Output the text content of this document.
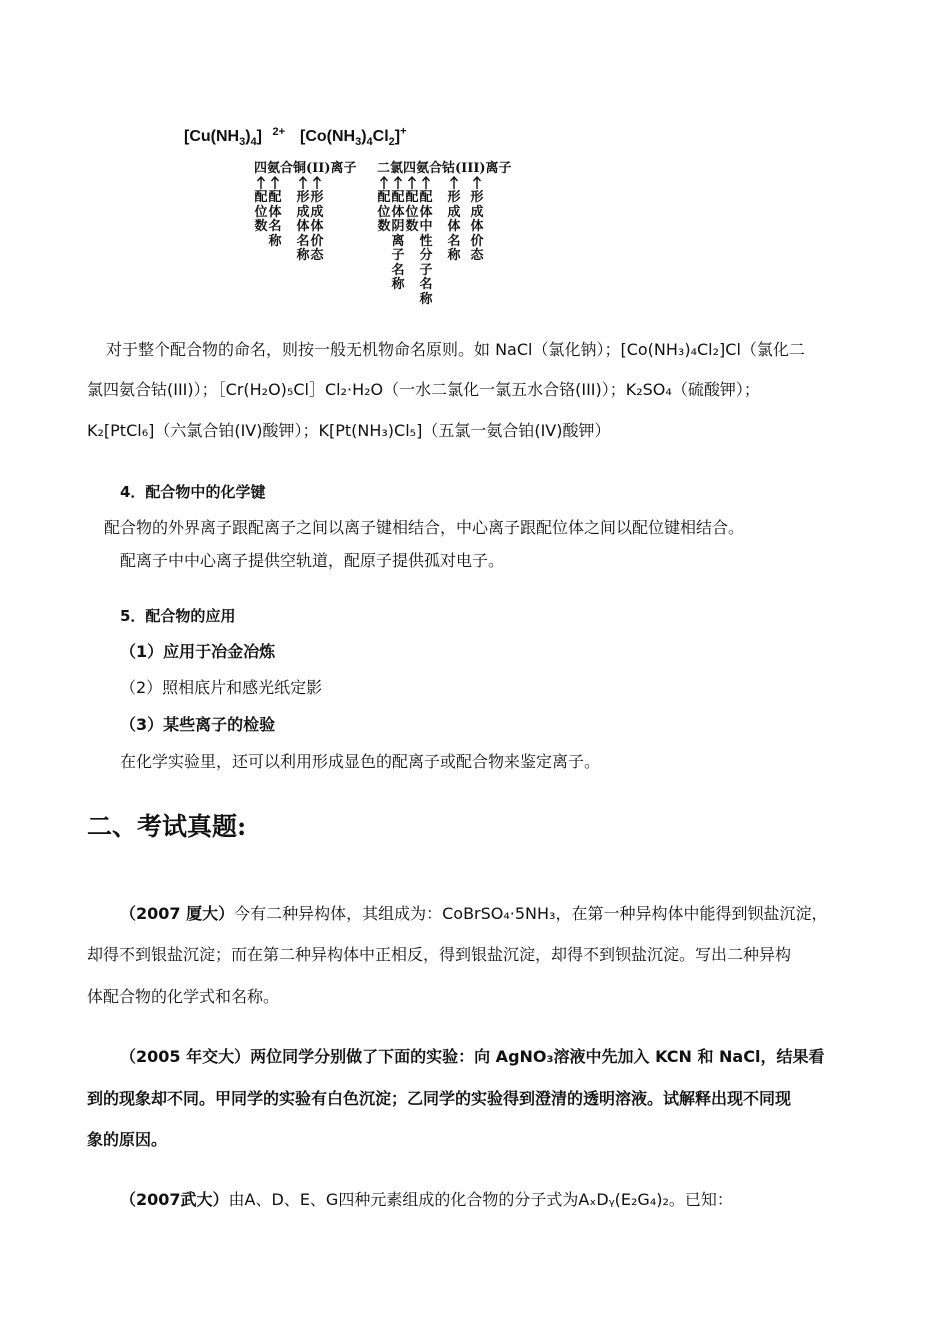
$[Cu(NH_3)_4]$ $^{2+}$ $[Co(NH_3)_4Cl_2]^+$
四氨合铜(II)离子 二氯四氨合钴(III)离子
配位数
配体名称
形成体名称
形成体价态
配位数
配体阴离子名称
配位数
配体中性分子名称
形成体名称
形成体价态
对于整个配合物的命名，则按一般无机物命名原则。如 NaCl（氯化钠）；[Co(NH₃)₄Cl₂]Cl（氯化二
氯四氨合钴(III)）；［Cr(H₂O)₅Cl］Cl₂·H₂O（一水二氯化一氯五水合铬(III)）；K₂SO₄（硫酸钾）；
K₂[PtCl₆]（六氯合铂(IV)酸钾）；K[Pt(NH₃)Cl₅]（五氯一氨合铂(IV)酸钾）
4．配合物中的化学键
配合物的外界离子跟配离子之间以离子键相结合，中心离子跟配位体之间以配位键相结合。
配离子中中心离子提供空轨道，配原子提供孤对电子。
5．配合物的应用
（1）应用于冶金冶炼
（2）照相底片和感光纸定影
（3）某些离子的检验
在化学实验里，还可以利用形成显色的配离子或配合物来鉴定离子。
二、考试真题:
（2007 厦大）今有二种异构体，其组成为：CoBrSO₄·5NH₃，在第一种异构体中能得到钡盐沉淀，
却得不到银盐沉淀；而在第二种异构体中正相反，得到银盐沉淀，却得不到钡盐沉淀。写出二种异构
体配合物的化学式和名称。
（2005 年交大）两位同学分别做了下面的实验：向 AgNO₃溶液中先加入 KCN 和 NaCl，结果看
到的现象却不同。甲同学的实验有白色沉淀；乙同学的实验得到澄清的透明溶液。试解释出现不同现
象的原因。
（2007武大）由A、D、E、G四种元素组成的化合物的分子式为AₓDᵧ(E₂G₄)₂。已知：
